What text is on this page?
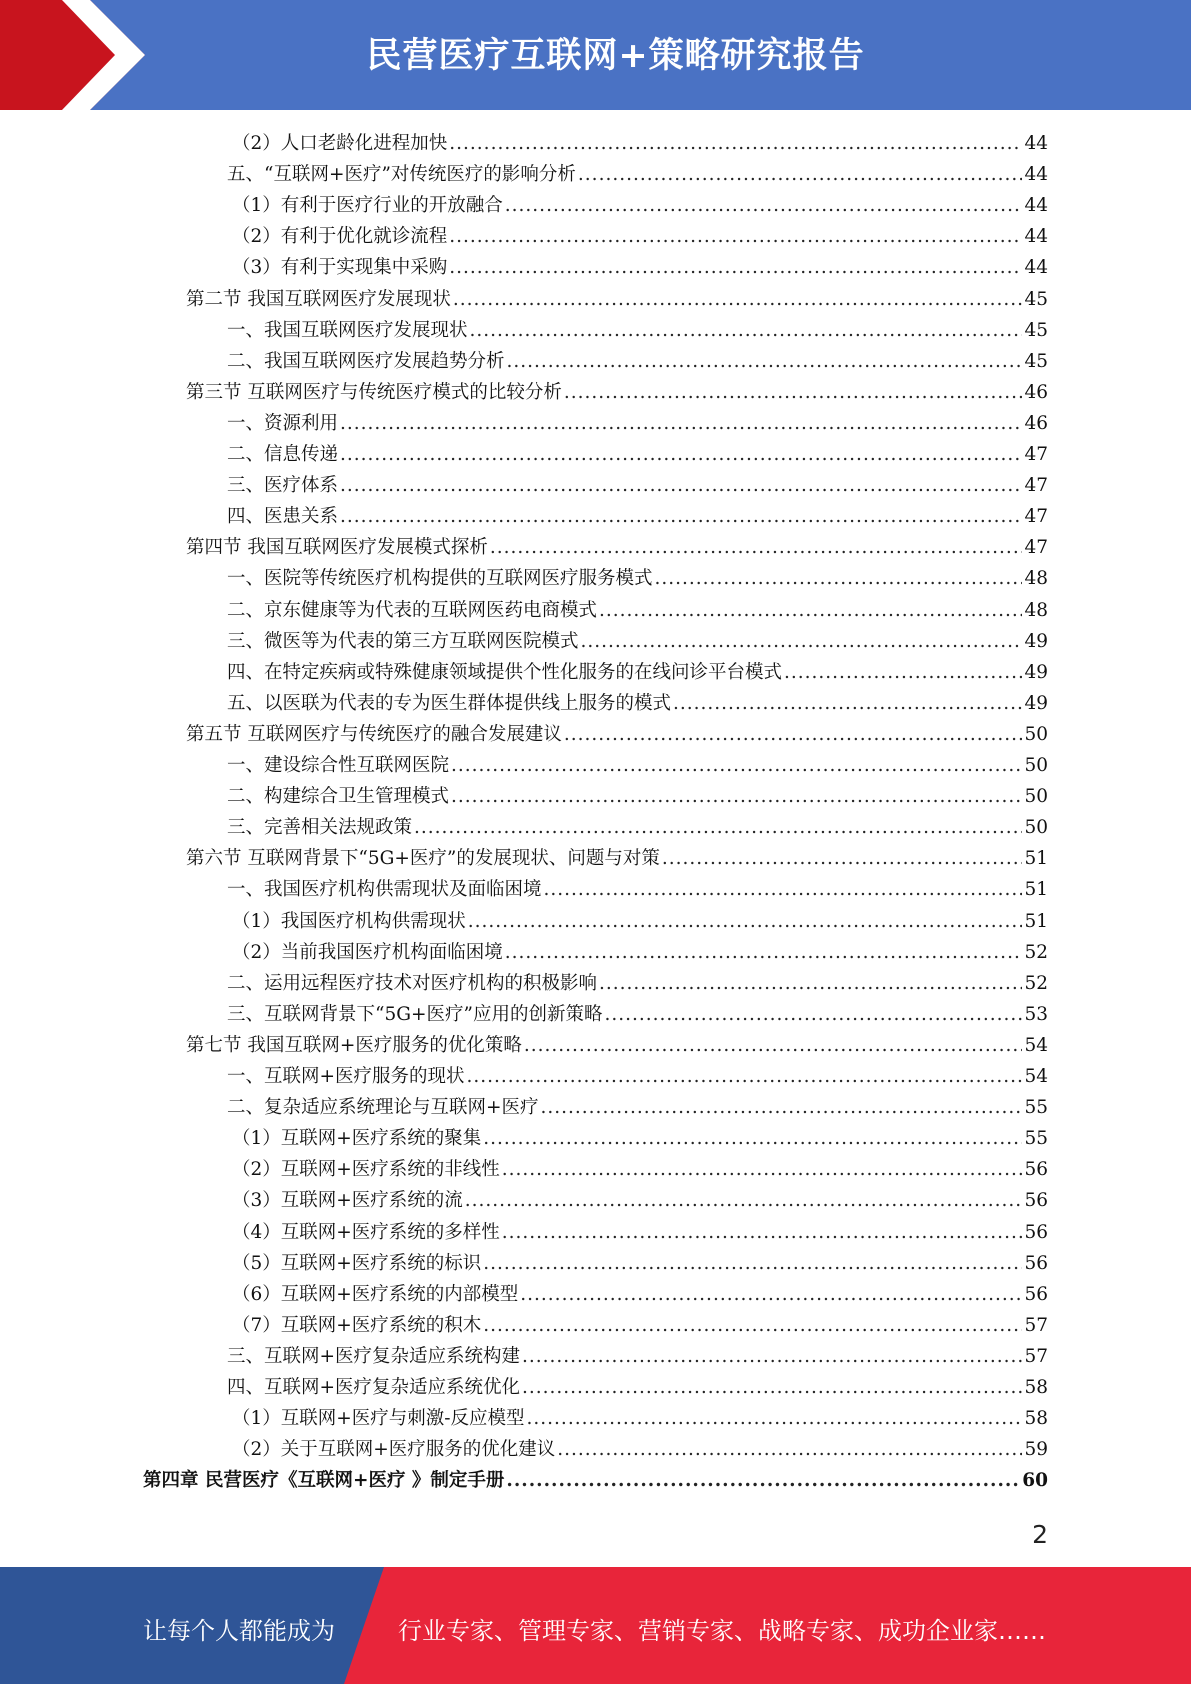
民营医疗互联网+策略研究报告
（2）人口老龄化进程加快 .....	44
五、“互联网+医疗”对传统医疗的影响分析 .....	44
（1）有利于医疗行业的开放融合 .....	44
（2）有利于优化就诊流程 .....	44
（3）有利于实现集中采购 .....	44
第二节 我国互联网医疗发展现状 .....	45
一、我国互联网医疗发展现状 .....	45
二、我国互联网医疗发展趋势分析 .....	45
第三节 互联网医疗与传统医疗模式的比较分析 .....	46
一、资源利用 .....	46
二、信息传递 .....	47
三、医疗体系 .....	47
四、医患关系 .....	47
第四节 我国互联网医疗发展模式探析 .....	47
一、医院等传统医疗机构提供的互联网医疗服务模式 .....	48
二、京东健康等为代表的互联网医药电商模式 .....	48
三、微医等为代表的第三方互联网医院模式 .....	49
四、在特定疾病或特殊健康领域提供个性化服务的在线问诊平台模式 .....	49
五、以医联为代表的专为医生群体提供线上服务的模式 .....	49
第五节 互联网医疗与传统医疗的融合发展建议 .....	50
一、建设综合性互联网医院 .....	50
二、构建综合卫生管理模式 .....	50
三、完善相关法规政策 .....	50
第六节 互联网背景下“5G+医疗”的发展现状、问题与对策 .....	51
一、我国医疗机构供需现状及面临困境 .....	51
（1）我国医疗机构供需现状 .....	51
（2）当前我国医疗机构面临困境 .....	52
二、运用远程医疗技术对医疗机构的积极影响 .....	52
三、互联网背景下“5G+医疗”应用的创新策略 .....	53
第七节 我国互联网+医疗服务的优化策略 .....	54
一、互联网+医疗服务的现状 .....	54
二、复杂适应系统理论与互联网+医疗 .....	55
（1）互联网+医疗系统的聚集 .....	55
（2）互联网+医疗系统的非线性 .....	56
（3）互联网+医疗系统的流 .....	56
（4）互联网+医疗系统的多样性 .....	56
（5）互联网+医疗系统的标识 .....	56
（6）互联网+医疗系统的内部模型 .....	56
（7）互联网+医疗系统的积木 .....	57
三、互联网+医疗复杂适应系统构建 .....	57
四、互联网+医疗复杂适应系统优化 .....	58
（1）互联网+医疗与刺激-反应模型 .....	58
（2）关于互联网+医疗服务的优化建议 .....	59
第四章 民营医疗《互联网+医疗 》制定手册 .....	60
2
让每个人都能成为	行业专家、管理专家、营销专家、战略专家、成功企业家……
